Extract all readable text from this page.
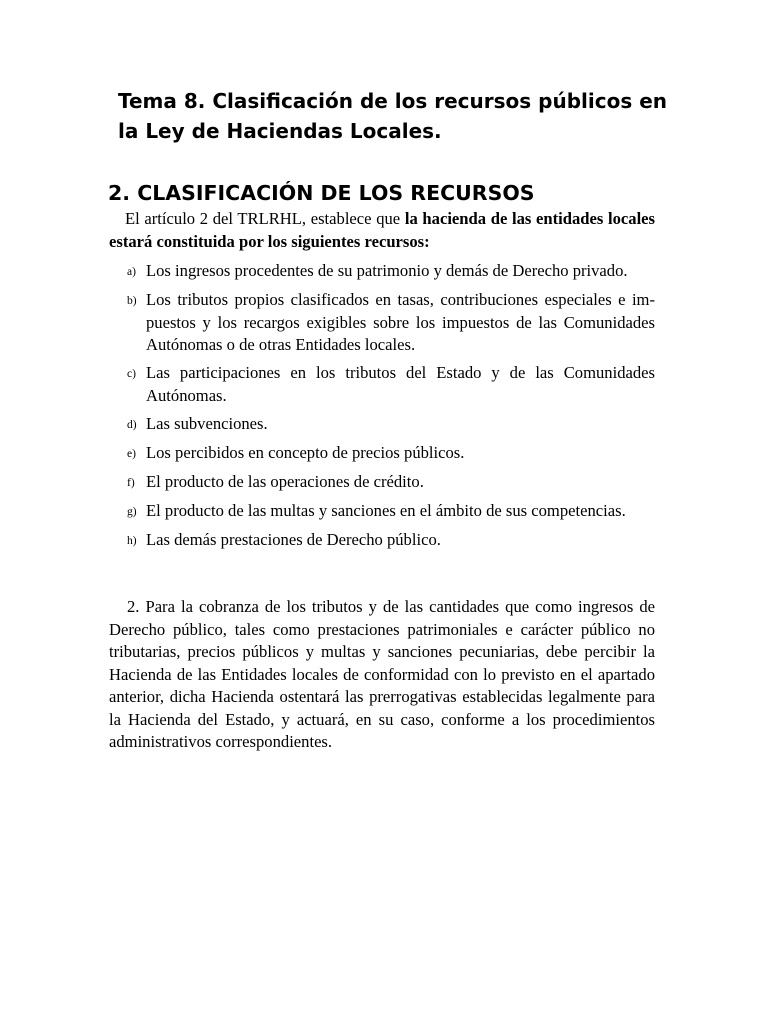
Tema 8. Clasificación de los recursos públicos en la Ley de Haciendas Locales.
2. CLASIFICACIÓN DE LOS RECURSOS

El artículo 2 del TRLRHL, establece que la hacienda de las entidades locales estará constituida por los siguientes recursos:

a) Los ingresos procedentes de su patrimonio y demás de Derecho privado.
b) Los tributos propios clasificados en tasas, contribuciones especiales e im-puestos y los recargos exigibles sobre los impuestos de las Comunidades Autónomas o de otras Entidades locales.
c) Las participaciones en los tributos del Estado y de las Comunidades Autónomas.
d) Las subvenciones.
e) Los percibidos en concepto de precios públicos.
f) El producto de las operaciones de crédito.
g) El producto de las multas y sanciones en el ámbito de sus competencias.
h) Las demás prestaciones de Derecho público.

2. Para la cobranza de los tributos y de las cantidades que como ingresos de Derecho público, tales como prestaciones patrimoniales e carácter público no tributarias, precios públicos y multas y sanciones pecuniarias, debe percibir la Hacienda de las Entidades locales de conformidad con lo previsto en el apartado anterior, dicha Hacienda ostentará las prerrogativas establecidas legalmente para la Hacienda del Estado, y actuará, en su caso, conforme a los procedimientos administrativos correspondientes.
